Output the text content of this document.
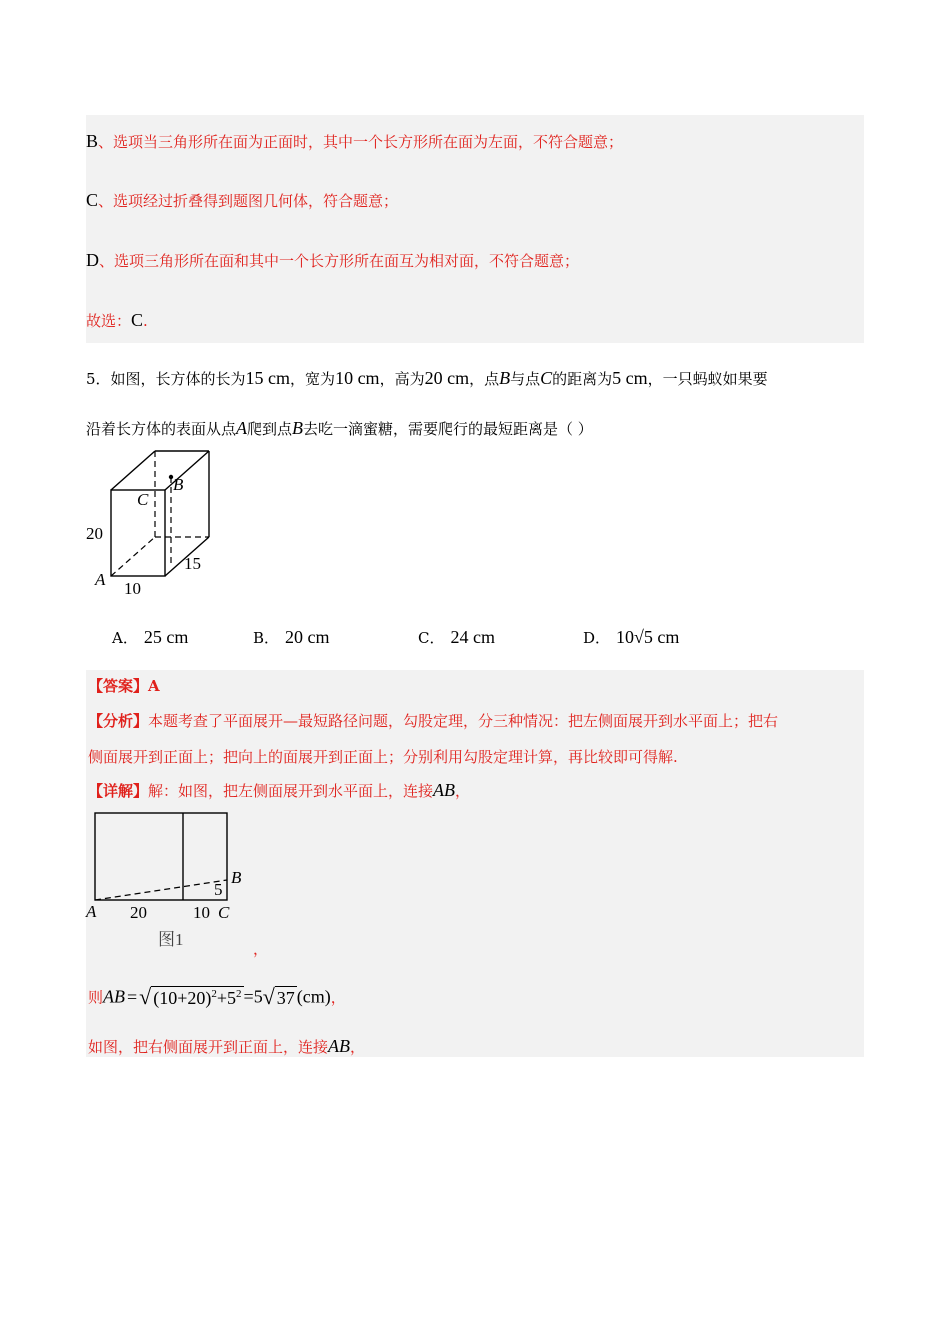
B、选项当三角形所在面为正面时，其中一个长方形所在面为左面，不符合题意；
C、选项经过折叠得到题图几何体，符合题意；
D、选项三角形所在面和其中一个长方形所在面互为相对面，不符合题意；
故选：C.
5．如图，长方体的长为15 cm，宽为10 cm，高为20 cm，点B与点C的距离为5 cm，一只蚂蚁如果要
沿着长方体的表面从点A爬到点B去吃一滴蜜糖，需要爬行的最短距离是（ ）
B
C
20
A 10
15
A． 25 cm	B． 20 cm	C． 24 cm	D． 10√5 cm
【答案】A
【分析】本题考查了平面展开—最短路径问题，勾股定理，分三种情况：把左侧面展开到水平面上；把右
侧面展开到正面上；把向上的面展开到正面上；分别利用勾股定理计算，再比较即可得解.
【详解】解：如图，把左侧面展开到水平面上，连接AB，
A 20	10 C
5
B
图1	，
则AB =√ $(10+20)^2+5^2 =5√$ 37 (cm)，
如图，把右侧面展开到正面上，连接AB，
